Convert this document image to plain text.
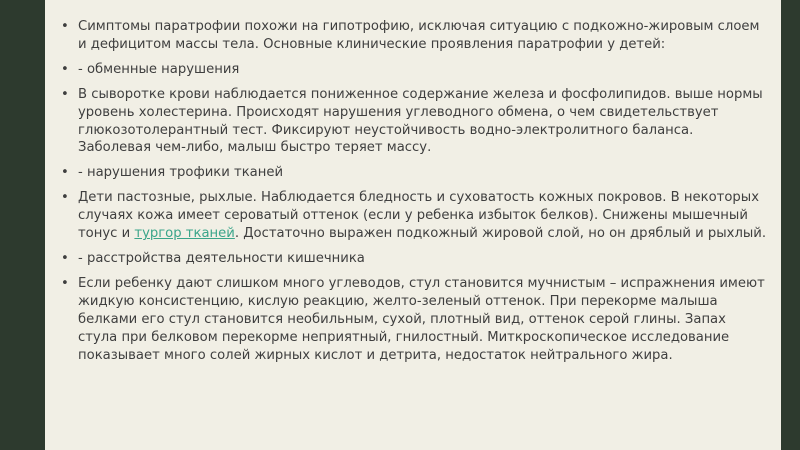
• Симптомы паратрофии похожи на гипотрофию, исключая ситуацию с подкожно-жировым слоем и дефицитом массы тела. Основные клинические проявления паратрофии у детей:
• - обменные нарушения
• В сыворотке крови наблюдается пониженное содержание железа и фосфолипидов. выше нормы уровень холестерина. Происходят нарушения углеводного обмена, о чем свидетельствует глюкозотолерантный тест. Фиксируют неустойчивость водно-электролитного баланса. Заболевая чем-либо, малыш быстро теряет массу.
• - нарушения трофики тканей
• Дети пастозные, рыхлые. Наблюдается бледность и суховатость кожных покровов. В некоторых случаях кожа имеет сероватый оттенок (если у ребенка избыток белков). Снижены мышечный тонус и тургор тканей. Достаточно выражен подкожный жировой слой, но он дряблый и рыхлый.
• - расстройства деятельности кишечника
• Если ребенку дают слишком много углеводов, стул становится мучнистым – испражнения имеют жидкую консистенцию, кислую реакцию, желто-зеленый оттенок. При перекорме малыша белками его стул становится необильным, сухой, плотный вид, оттенок серой глины. Запах стула при белковом перекорме неприятный, гнилостный. Миткроскопическое исследование показывает много солей жирных кислот и детрита, недостаток нейтрального жира.
